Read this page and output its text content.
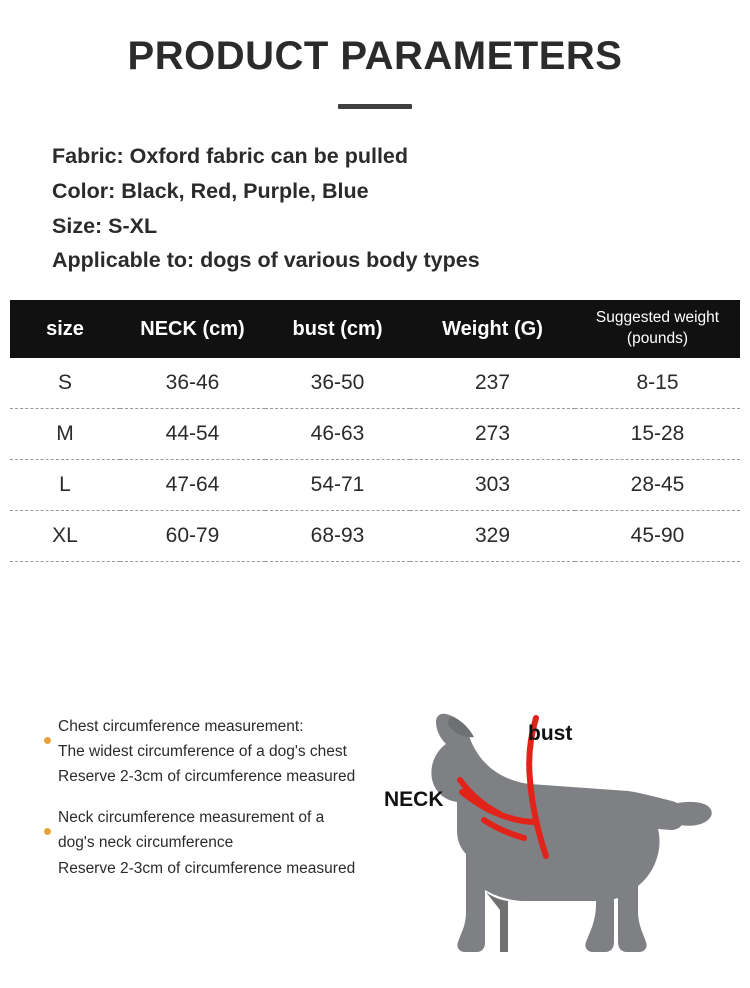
PRODUCT PARAMETERS
Fabric: Oxford fabric can be pulled
Color: Black, Red, Purple, Blue
Size: S-XL
Applicable to: dogs of various body types
size	NECK (cm)	bust (cm)	Weight (G)	Suggested weight (pounds)
S	36-46	36-50	237	8-15
M	44-54	46-63	273	15-28
L	47-64	54-71	303	28-45
XL	60-79	68-93	329	45-90
Chest circumference measurement:
The widest circumference of a dog's chest
Reserve 2-3cm of circumference measured
Neck circumference measurement of a
dog's neck circumference
Reserve 2-3cm of circumference measured
bust
NECK
